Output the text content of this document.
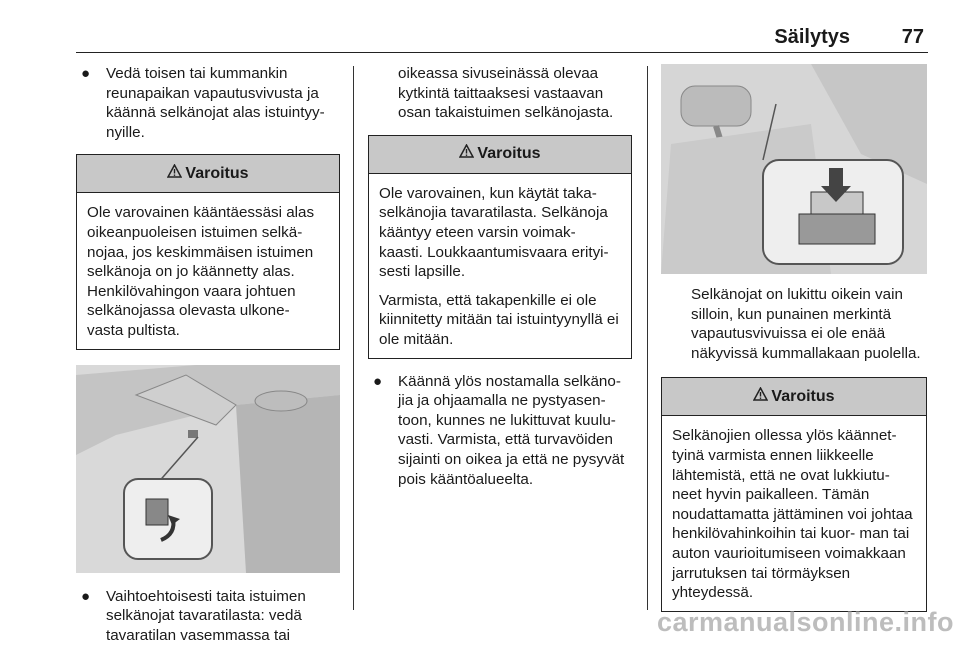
Säilytys	77
● Vedä toisen tai kummankin reunapaikan vapautusvivusta ja käännä selkänojat alas istuintyy- nyille.

Varoitus

Ole varovainen kääntäessäsi alas oikeanpuoleisen istuimen selkä- nojaa, jos keskimmäisen istuimen selkänoja on jo käännetty alas. Henkilövahingon vaara johtuen selkänojassa olevasta ulkone- vasta pultista.

● Vaihtoehtoisesti taita istuimen selkänojat tavaratilasta: vedä tavaratilan vasemmassa tai

oikeassa sivuseinässä olevaa kytkintä taittaaksesi vastaavan osan takaistuimen selkänojasta.

Varoitus

Ole varovainen, kun käytät taka- selkänojia tavaratilasta. Selkänoja kääntyy eteen varsin voimak- kaasti. Loukkaantumisvaara erityi- sesti lapsille.

Varmista, että takapenkille ei ole kiinnitetty mitään tai istuintyynyllä ei ole mitään.

● Käännä ylös nostamalla selkäno- jia ja ohjaamalla ne pystyasen- toon, kunnes ne lukittuvat kuulu- vasti. Varmista, että turvavöiden sijainti on oikea ja että ne pysyvät pois kääntöalueelta.

Selkänojat on lukittu oikein vain silloin, kun punainen merkintä vapautusvivuissa ei ole enää näkyvissä kummallakaan puolella.

Varoitus

Selkänojien ollessa ylös käännet- tyinä varmista ennen liikkeelle lähtemistä, että ne ovat lukkiutu- neet hyvin paikalleen. Tämän noudattamatta jättäminen voi johtaa henkilövahinkoihin tai kuor- man tai auton vaurioitumiseen voimakkaan jarrutuksen tai törmäyksen yhteydessä.

carmanualsonline.info
